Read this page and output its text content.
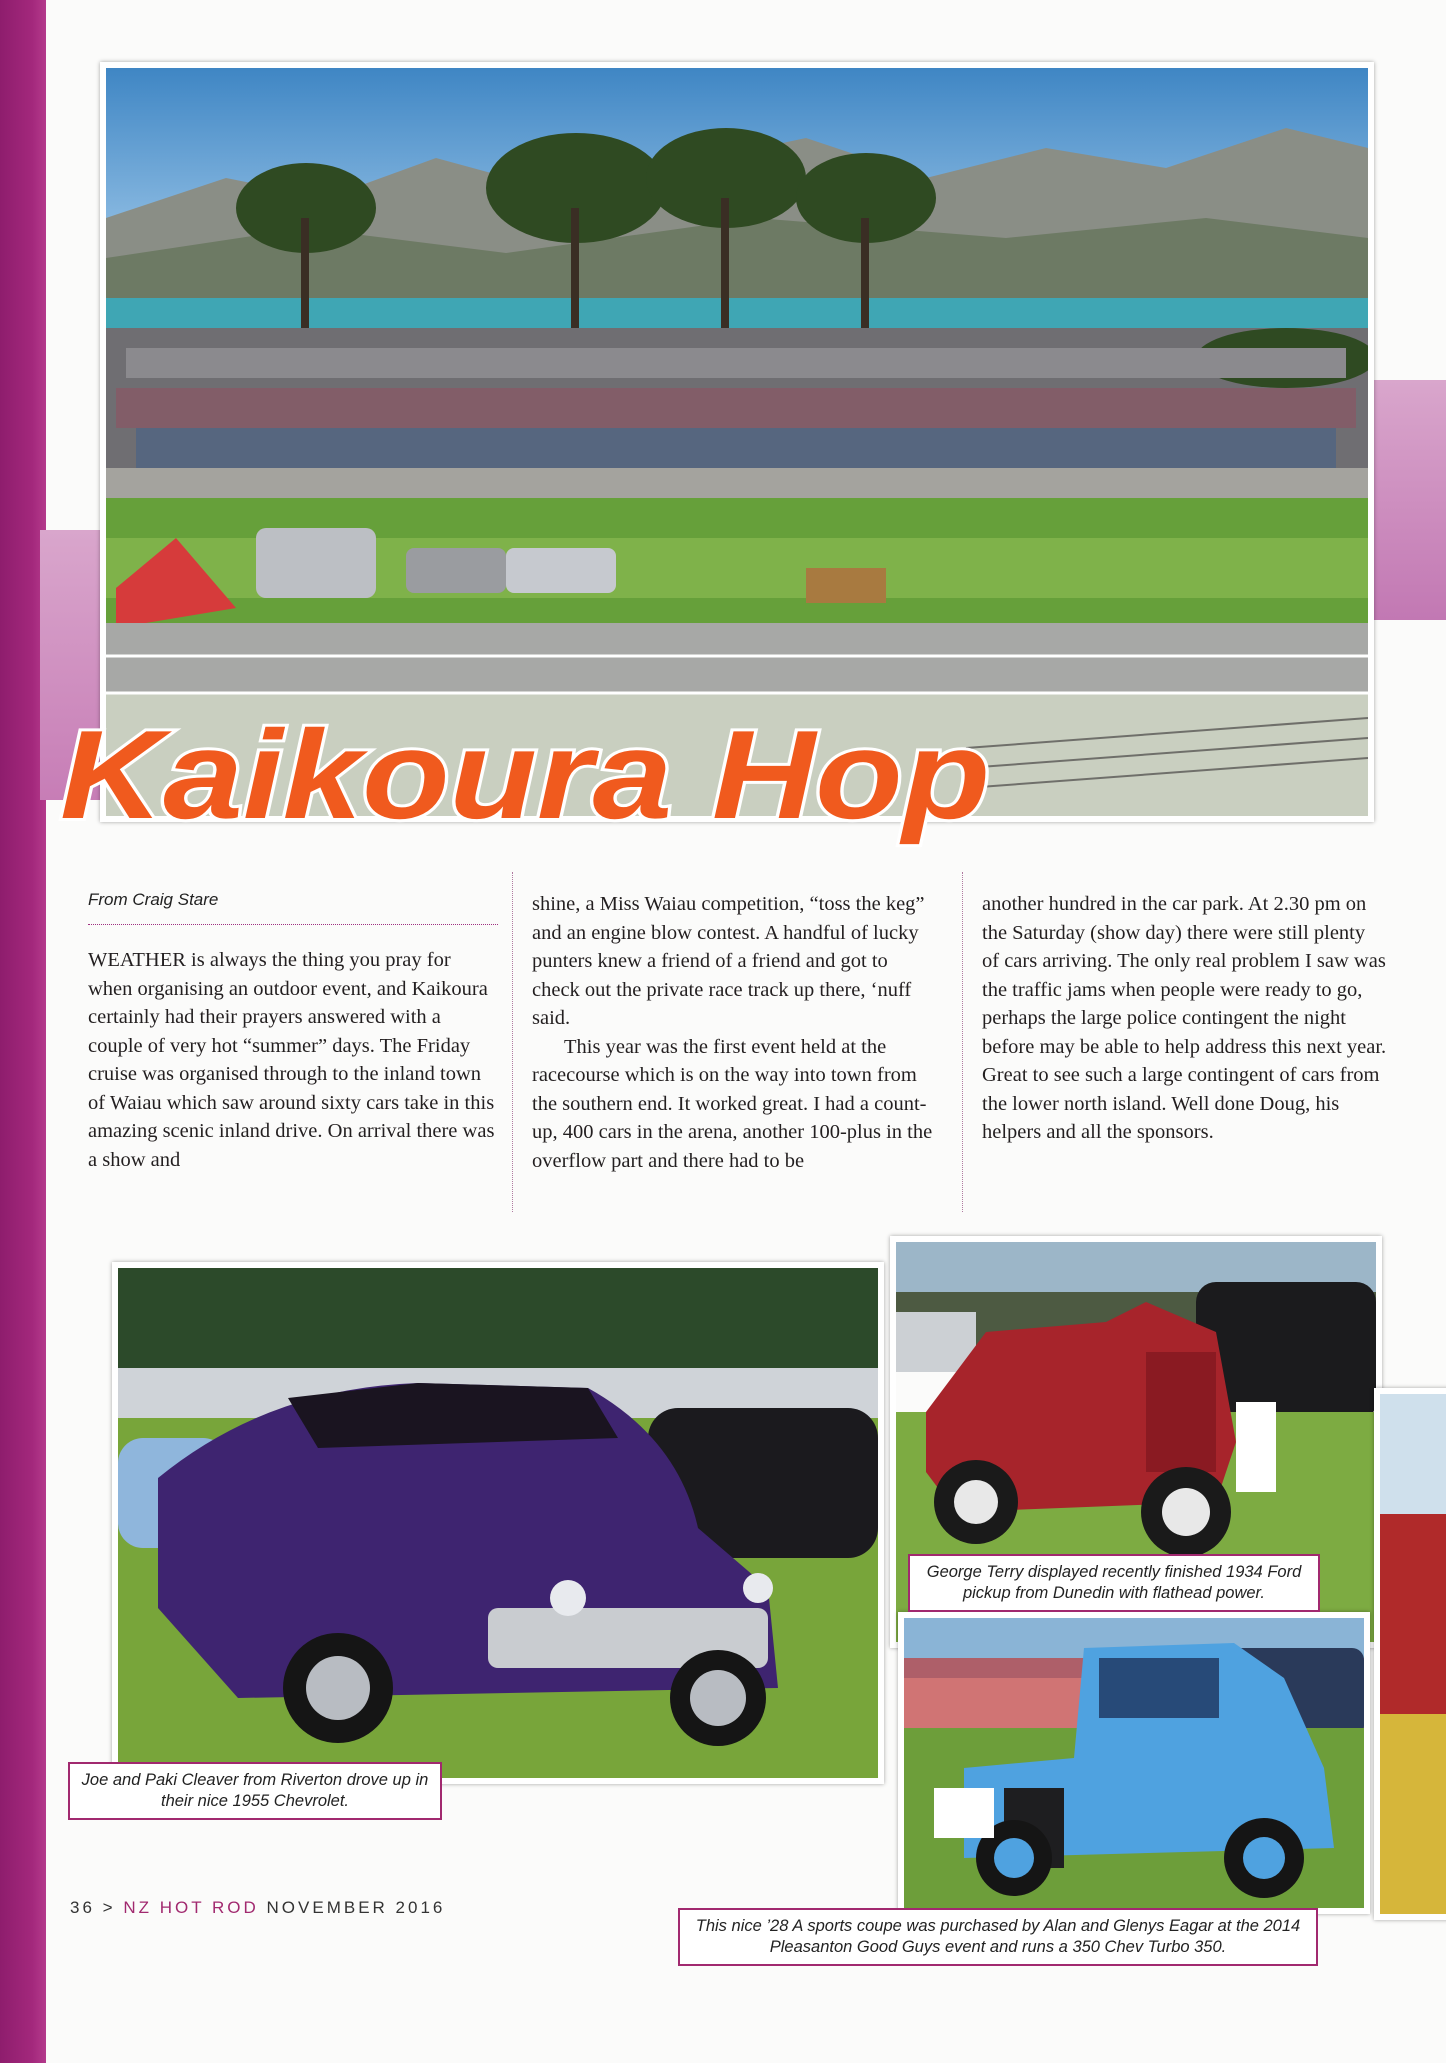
Kaikoura Hop
From Craig Stare

WEATHER is always the thing you pray for when organising an outdoor event, and Kaikoura certainly had their prayers answered with a couple of very hot “summer” days. The Friday cruise was organised through to the inland town of Waiau which saw around sixty cars take in this amazing scenic inland drive. On arrival there was a show and

shine, a Miss Waiau competition, “toss the keg” and an engine blow contest. A handful of lucky punters knew a friend of a friend and got to check out the private race track up there, ‘nuff said.

This year was the first event held at the racecourse which is on the way into town from the southern end. It worked great. I had a count-up, 400 cars in the arena, another 100-plus in the overflow part and there had to be

another hundred in the car park. At 2.30 pm on the Saturday (show day) there were still plenty of cars arriving. The only real problem I saw was the traffic jams when people were ready to go, perhaps the large police contingent the night before may be able to help address this next year. Great to see such a large contingent of cars from the lower north island. Well done Doug, his helpers and all the sponsors.

Joe and Paki Cleaver from Riverton drove up in their nice 1955 Chevrolet.
George Terry displayed recently finished 1934 Ford pickup from Dunedin with flathead power.
This nice ’28 A sports coupe was purchased by Alan and Glenys Eagar at the 2014 Pleasanton Good Guys event and runs a 350 Chev Turbo 350.
36 > NZ HOT ROD NOVEMBER 2016
